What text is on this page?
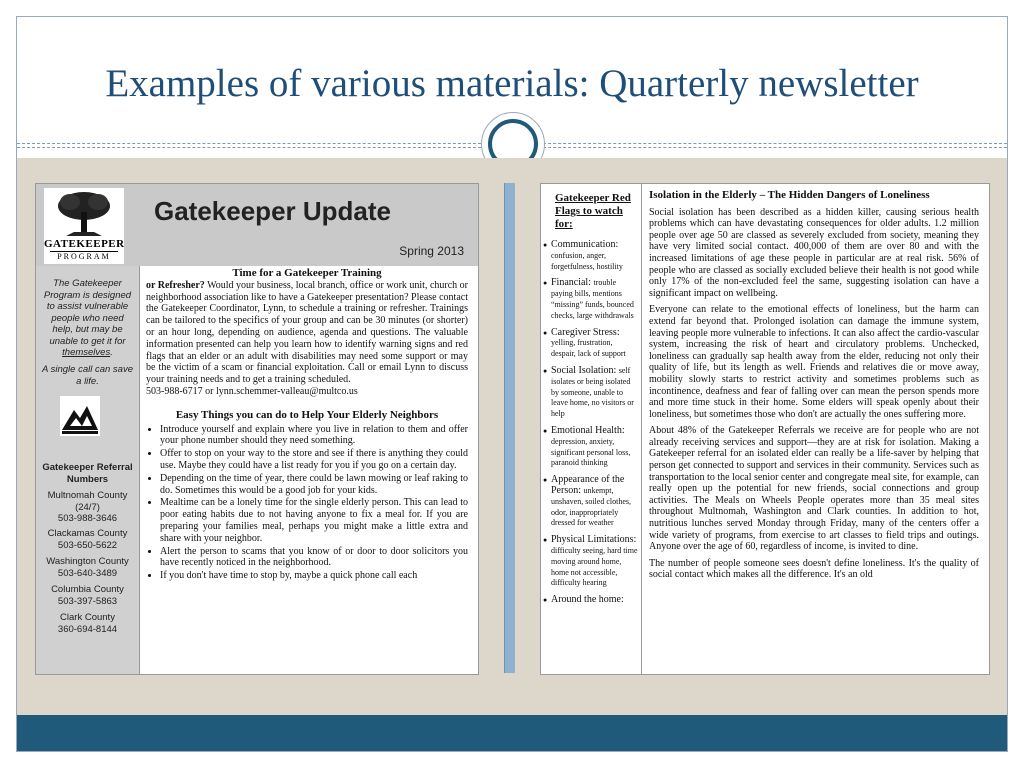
Examples of various materials: Quarterly newsletter
GATEKEEPER
PROGRAM
Gatekeeper Update
Spring 2013
The Gatekeeper Program is designed to assist vulnerable people who need help, but may be unable to get it for themselves.
A single call can save a life.
Gatekeeper Referral Numbers
Multnomah County
(24/7)
503-988-3646
Clackamas County
503-650-5622
Washington County
503-640-3489
Columbia County
503-397-5863
Clark County
360-694-8144

Time for a Gatekeeper Training

or Refresher? Would your business, local branch, office or work unit, church or neighborhood association like to have a Gatekeeper presentation? Please contact the Gatekeeper Coordinator, Lynn, to schedule a training or refresher. Trainings can be tailored to the specifics of your group and can be 30 minutes (or shorter) or an hour long, depending on audience, agenda and questions. The valuable information presented can help you learn how to identify warning signs and red flags that an elder or an adult with disabilities may need some support or may be the victim of a scam or financial exploitation. Call or email Lynn to discuss your training needs and to get a training scheduled.

503-988-6717 or lynn.schemmer-valleau@multco.us

Easy Things you can do to Help Your Elderly Neighbors

• Introduce yourself and explain where you live in relation to them and offer your phone number should they need something.
• Offer to stop on your way to the store and see if there is anything they could use. Maybe they could have a list ready for you if you go on a certain day.
• Depending on the time of year, there could be lawn mowing or leaf raking to do. Sometimes this would be a good job for your kids.
• Mealtime can be a lonely time for the single elderly person. This can lead to poor eating habits due to not having anyone to fix a meal for. If you are preparing your families meal, perhaps you might make a little extra and share with your neighbor.
• Alert the person to scams that you know of or door to door solicitors you have recently noticed in the neighborhood.
• If you don't have time to stop by, maybe a quick phone call each
Gatekeeper Red Flags to watch for:
● Communication: confusion, anger, forgetfulness, hostility
● Financial: trouble paying bills, mentions “missing” funds, bounced checks, large withdrawals
● Caregiver Stress: yelling, frustration, despair, lack of support
● Social Isolation: self isolates or being isolated by someone, unable to leave home, no visitors or help
● Emotional Health: depression, anxiety, significant personal loss, paranoid thinking
● Appearance of the Person: unkempt, unshaven, soiled clothes, odor, inappropriately dressed for weather
● Physical Limitations: difficulty seeing, hard time moving around home, home not accessible, difficulty hearing
● Around the home:

Isolation in the Elderly – The Hidden Dangers of Loneliness

Social isolation has been described as a hidden killer, causing serious health problems which can have devastating consequences for older adults. 1.2 million people over age 50 are classed as severely excluded from society, meaning they have very limited social contact. 400,000 of them are over 80 and with the increased limitations of age these people in particular are at real risk. 56% of people who are classed as socially excluded believe their health is not good while only 17% of the non-excluded feel the same, suggesting isolation can have a significant impact on wellbeing.

Everyone can relate to the emotional effects of loneliness, but the harm can extend far beyond that. Prolonged isolation can damage the immune system, leaving people more vulnerable to infections. It can also affect the cardio-vascular system, increasing the risk of heart and circulatory problems. Unchecked, loneliness can gradually sap health away from the elder, reducing not only their quality of life, but its length as well. Friends and relatives die or move away, mobility slowly starts to restrict activity and sometimes problems such as incontinence, deafness and fear of falling over can mean the person spends more and more time stuck in their home. Some elders will speak openly about their loneliness, but sometimes those who don't are actually the ones suffering more.

About 48% of the Gatekeeper Referrals we receive are for people who are not already receiving services and support—they are at risk for isolation. Making a Gatekeeper referral for an isolated elder can really be a life-saver by helping that person get connected to support and services in their community. Services such as transportation to the local senior center and congregate meal site, for example, can really open up the potential for new friends, social connections and group activities. The Meals on Wheels People operates more than 35 meal sites throughout Multnomah, Washington and Clark counties. In addition to hot, nutritious lunches served Monday through Friday, many of the centers offer a wide variety of programs, from exercise to art classes to field trips and outings. Anyone over the age of 60, regardless of income, is invited to dine.

The number of people someone sees doesn't define loneliness. It's the quality of social contact which makes all the difference. It's an old
